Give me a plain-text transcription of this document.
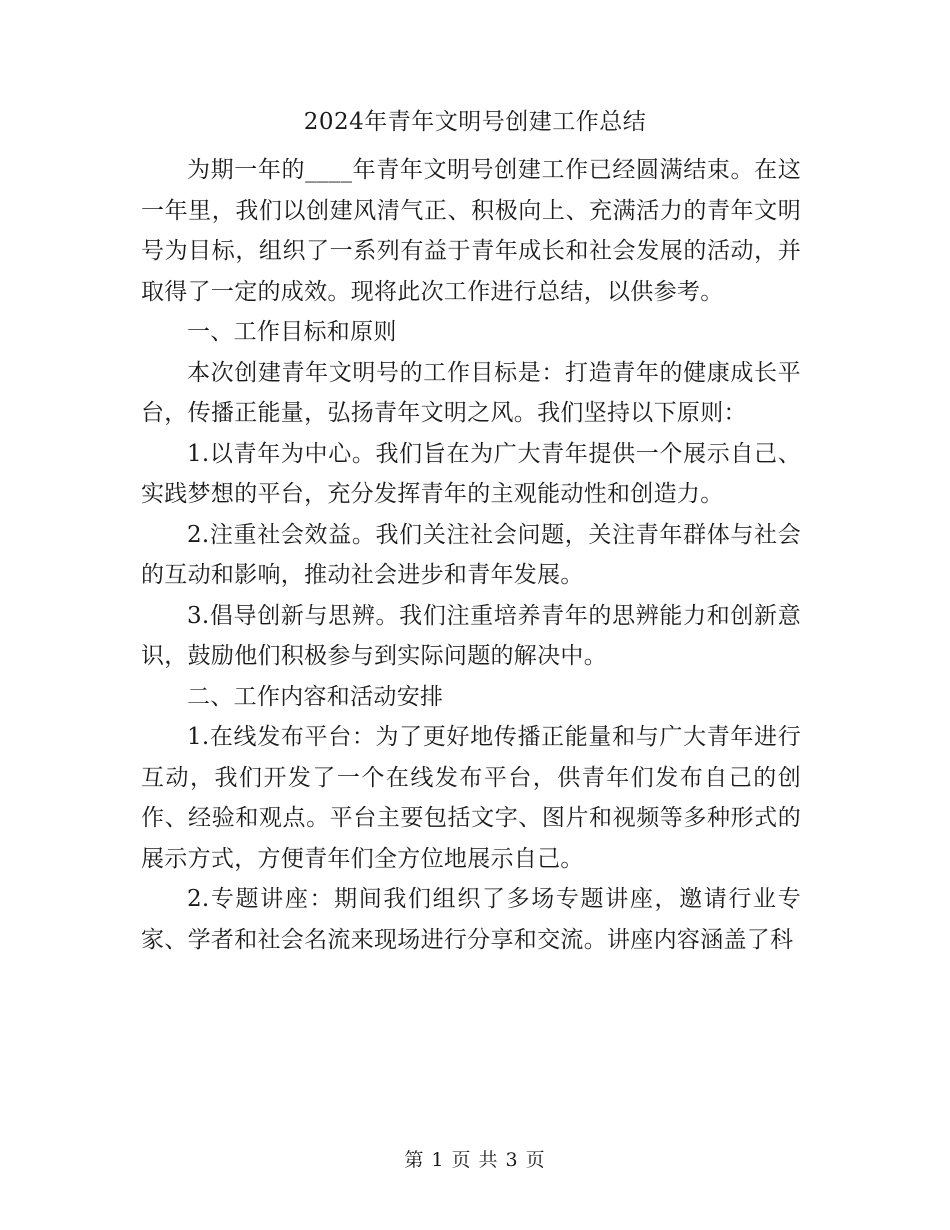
2024年青年文明号创建工作总结

为期一年的____年青年文明号创建工作已经圆满结束。在这一年里，我们以创建风清气正、积极向上、充满活力的青年文明号为目标，组织了一系列有益于青年成长和社会发展的活动，并取得了一定的成效。现将此次工作进行总结，以供参考。

一、工作目标和原则

本次创建青年文明号的工作目标是：打造青年的健康成长平台，传播正能量，弘扬青年文明之风。我们坚持以下原则：

1.以青年为中心。我们旨在为广大青年提供一个展示自己、实践梦想的平台，充分发挥青年的主观能动性和创造力。

2.注重社会效益。我们关注社会问题，关注青年群体与社会的互动和影响，推动社会进步和青年发展。

3.倡导创新与思辨。我们注重培养青年的思辨能力和创新意识，鼓励他们积极参与到实际问题的解决中。

二、工作内容和活动安排

1.在线发布平台：为了更好地传播正能量和与广大青年进行互动，我们开发了一个在线发布平台，供青年们发布自己的创作、经验和观点。平台主要包括文字、图片和视频等多种形式的展示方式，方便青年们全方位地展示自己。

2.专题讲座：期间我们组织了多场专题讲座，邀请行业专家、学者和社会名流来现场进行分享和交流。讲座内容涵盖了科

第 1 页 共 3 页
